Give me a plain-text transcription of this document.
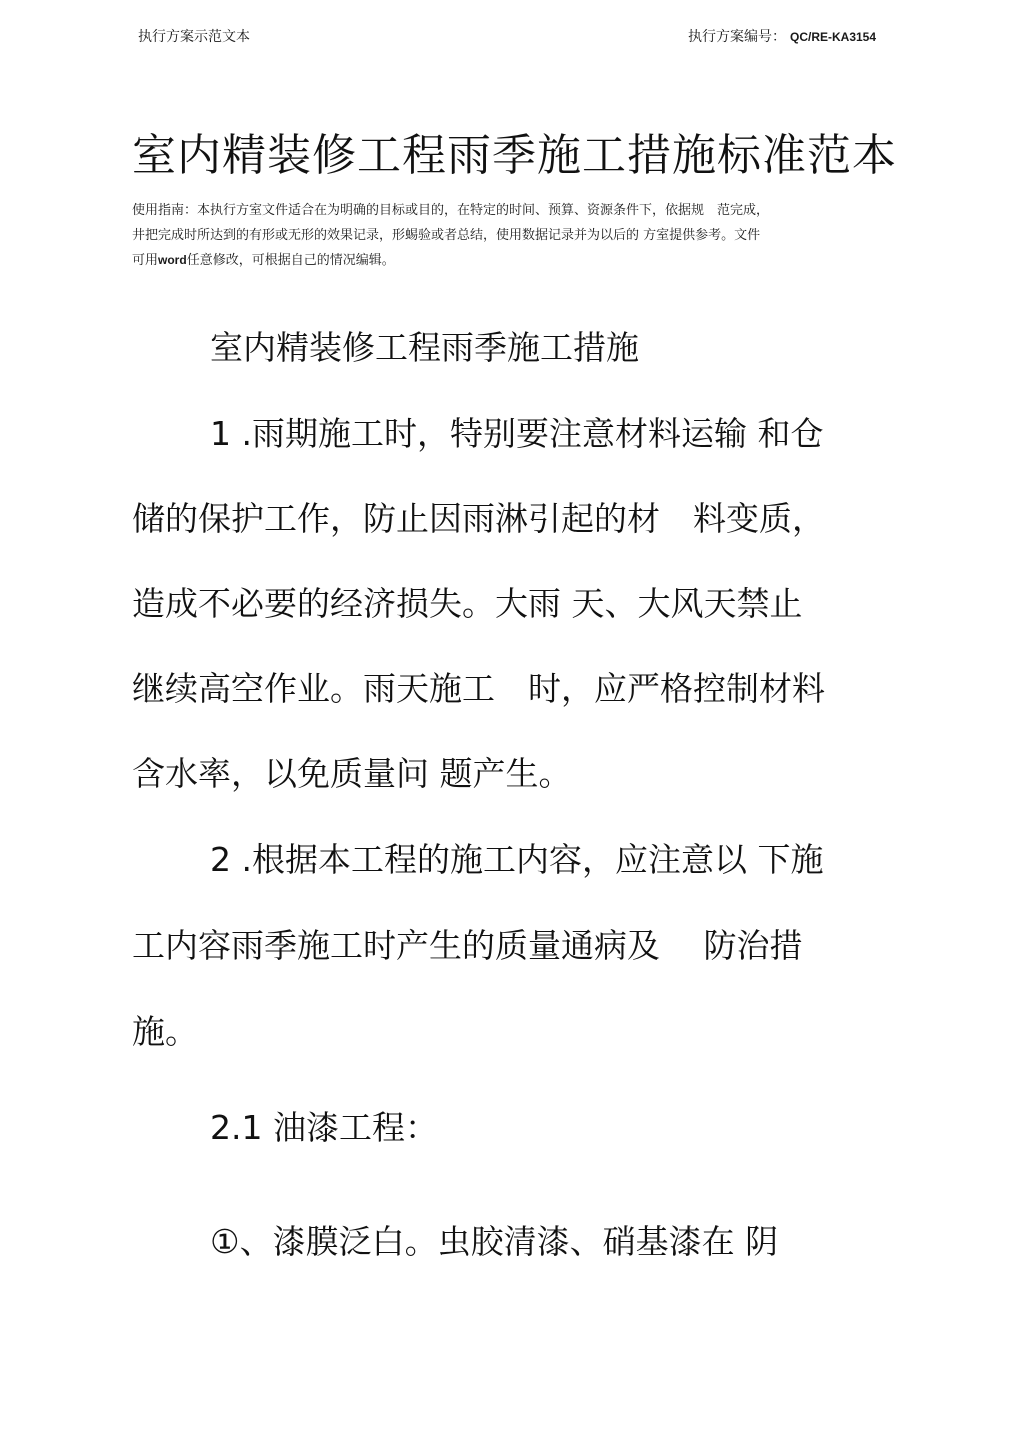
执行方案示范文本	执行方案编号： QC/RE-KA3154
室内精装修工程雨季施工措施标准范本
使用指南：本执行方室文件适合在为明确的目标或目的，在特定的时间、预算、资源条件下，依据规　范完成，
井把完成时所达到的有形或无形的效果记录，形蜴验或者总结，使用数据记录并为以后的 方室提供参考。文件
可用word任意修改，可根据自己的情况编辑。

室内精装修工程雨季施工措施

1 .雨期施工时，特别要注意材料运输 和仓

储的保护工作，防止因雨淋引起的材　料变质，

造成不必要的经济损失。大雨 天、大风天禁止

继续高空作业。雨天施工　时，应严格控制材料

含水率，以免质量问 题产生。

2 .根据本工程的施工内容，应注意以 下施

工内容雨季施工时产生的质量通病及　 防治措

施。

2.1 油漆工程：

①、漆膜泛白。虫胶清漆、硝基漆在 阴
